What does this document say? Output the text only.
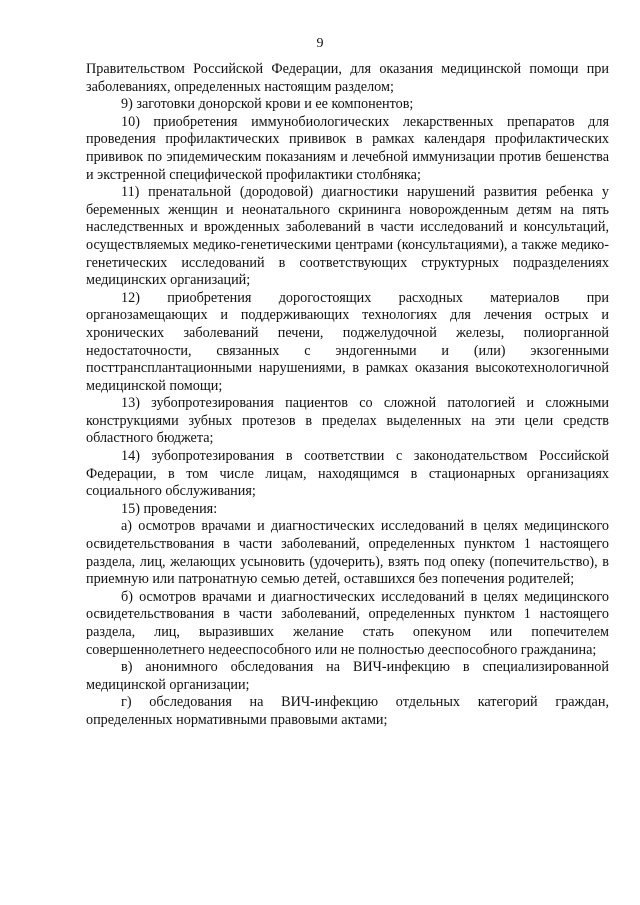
9

Правительством Российской Федерации, для оказания медицинской помощи при заболеваниях, определенных настоящим разделом;

9) заготовки донорской крови и ее компонентов;

10) приобретения иммунобиологических лекарственных препаратов для проведения профилактических прививок в рамках календаря профилактических прививок по эпидемическим показаниям и лечебной иммунизации против бешенства и экстренной специфической профилактики столбняка;

11) пренатальной (дородовой) диагностики нарушений развития ребенка у беременных женщин и неонатального скрининга новорожденным детям на пять наследственных и врожденных заболеваний в части исследований и консультаций, осуществляемых медико-генетическими центрами (консультациями), а также медико-генетических исследований в соответствующих структурных подразделениях медицинских организаций;

12) приобретения дорогостоящих расходных материалов при органозамещающих и поддерживающих технологиях для лечения острых и хронических заболеваний печени, поджелудочной железы, полиорганной недостаточности, связанных с эндогенными и (или) экзогенными посттрансплантационными нарушениями, в рамках оказания высокотехнологичной медицинской помощи;

13) зубопротезирования пациентов со сложной патологией и сложными конструкциями зубных протезов в пределах выделенных на эти цели средств областного бюджета;

14) зубопротезирования в соответствии с законодательством Российской Федерации, в том числе лицам, находящимся в стационарных организациях социального обслуживания;

15) проведения:

а) осмотров врачами и диагностических исследований в целях медицинского освидетельствования в части заболеваний, определенных пунктом 1 настоящего раздела, лиц, желающих усыновить (удочерить), взять под опеку (попечительство), в приемную или патронатную семью детей, оставшихся без попечения родителей;

б) осмотров врачами и диагностических исследований в целях медицинского освидетельствования в части заболеваний, определенных пунктом 1 настоящего раздела, лиц, выразивших желание стать опекуном или попечителем совершеннолетнего недееспособного или не полностью дееспособного гражданина;

в) анонимного обследования на ВИЧ-инфекцию в специализированной медицинской организации;

г) обследования на ВИЧ-инфекцию отдельных категорий граждан, определенных нормативными правовыми актами;
